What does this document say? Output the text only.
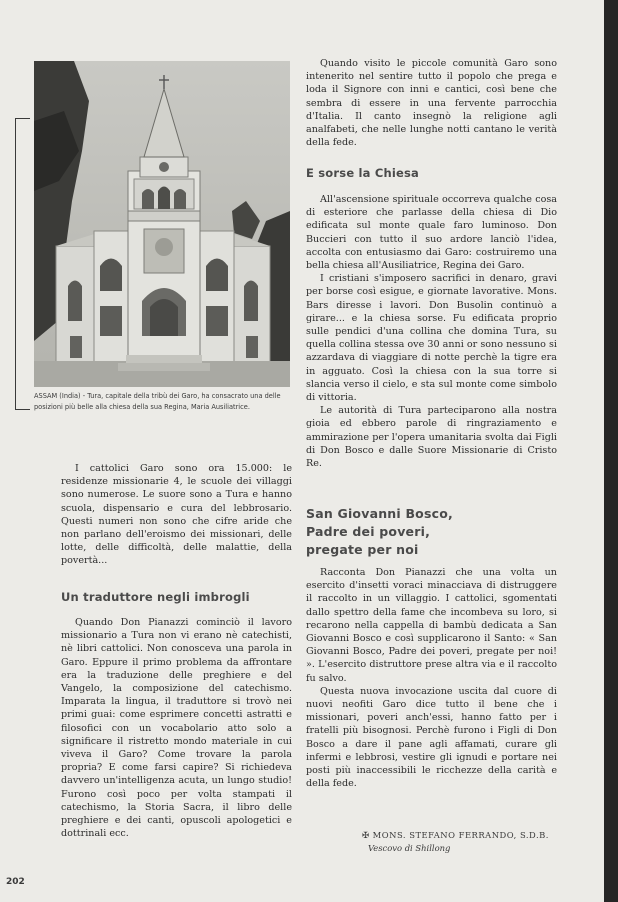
ASSAM (India) - Tura, capitale della tribù dei Garo, ha consacrato una delle posizioni più belle alla chiesa della sua Regina, Maria Ausiliatrice.

I cattolici Garo sono ora 15.000: le residenze missionarie 4, le scuole dei villaggi sono numerose. Le suore sono a Tura e hanno scuola, dispensario e cura del lebbrosario. Questi numeri non sono che cifre aride che non parlano dell'eroismo dei missionari, delle lotte, delle difficoltà, delle malattie, della povertà...

Un traduttore negli imbrogli

Quando Don Pianazzi cominciò il lavoro missionario a Tura non vi erano nè catechisti, nè libri cattolici. Non conosceva una parola in Garo. Eppure il primo problema da affrontare era la traduzione delle preghiere e del Vangelo, la composizione del catechismo. Imparata la lingua, il traduttore si trovò nei primi guai: come esprimere concetti astratti e filosofici con un vocabolario atto solo a significare il ristretto mondo materiale in cui viveva il Garo? Come trovare la parola propria? E come farsi capire? Si richiedeva davvero un'intelligenza acuta, un lungo studio! Furono così poco per volta stampati il catechismo, la Storia Sacra, il libro delle preghiere e dei canti, opuscoli apologetici e dottrinali ecc.

Quando visito le piccole comunità Garo sono intenerito nel sentire tutto il popolo che prega e loda il Signore con inni e cantici, così bene che sembra di essere in una fervente parrocchia d'Italia. Il canto insegnò la religione agli analfabeti, che nelle lunghe notti cantano le verità della fede.

E sorse la Chiesa

All'ascensione spirituale occorreva qualche cosa di esteriore che parlasse della chiesa di Dio edificata sul monte quale faro luminoso. Don Buccieri con tutto il suo ardore lanciò l'idea, accolta con entusiasmo dai Garo: costruiremo una bella chiesa all'Ausiliatrice, Regina dei Garo.

I cristiani s'imposero sacrifici in denaro, gravi per borse così esigue, e giornate lavorative. Mons. Bars diresse i lavori. Don Busolin continuò a girare... e la chiesa sorse. Fu edificata proprio sulle pendici d'una collina che domina Tura, su quella collina stessa ove 30 anni or sono nessuno si azzardava di viaggiare di notte perchè la tigre era in agguato. Così la chiesa con la sua torre si slancia verso il cielo, e sta sul monte come simbolo di vittoria.

Le autorità di Tura parteciparono alla nostra gioia ed ebbero parole di ringraziamento e ammirazione per l'opera umanitaria svolta dai Figli di Don Bosco e dalle Suore Missionarie di Cristo Re.

San Giovanni Bosco,
Padre dei poveri,
pregate per noi

Racconta Don Pianazzi che una volta un esercito d'insetti voraci minacciava di distruggere il raccolto in un villaggio. I cattolici, sgomentati dallo spettro della fame che incombeva su loro, si recarono nella cappella di bambù dedicata a San Giovanni Bosco e così supplicarono il Santo: « San Giovanni Bosco, Padre dei poveri, pregate per noi! ». L'esercito distruttore prese altra via e il raccolto fu salvo.

Questa nuova invocazione uscita dal cuore di nuovi neofiti Garo dice tutto il bene che i missionari, poveri anch'essi, hanno fatto per i fratelli più bisognosi. Perchè furono i Figli di Don Bosco a dare il pane agli affamati, curare gli infermi e lebbrosi, vestire gli ignudi e portare nei posti più inaccessibili le ricchezze della carità e della fede.

✠ MONS. STEFANO FERRANDO, S.D.B.
Vescovo di Shillong
202
